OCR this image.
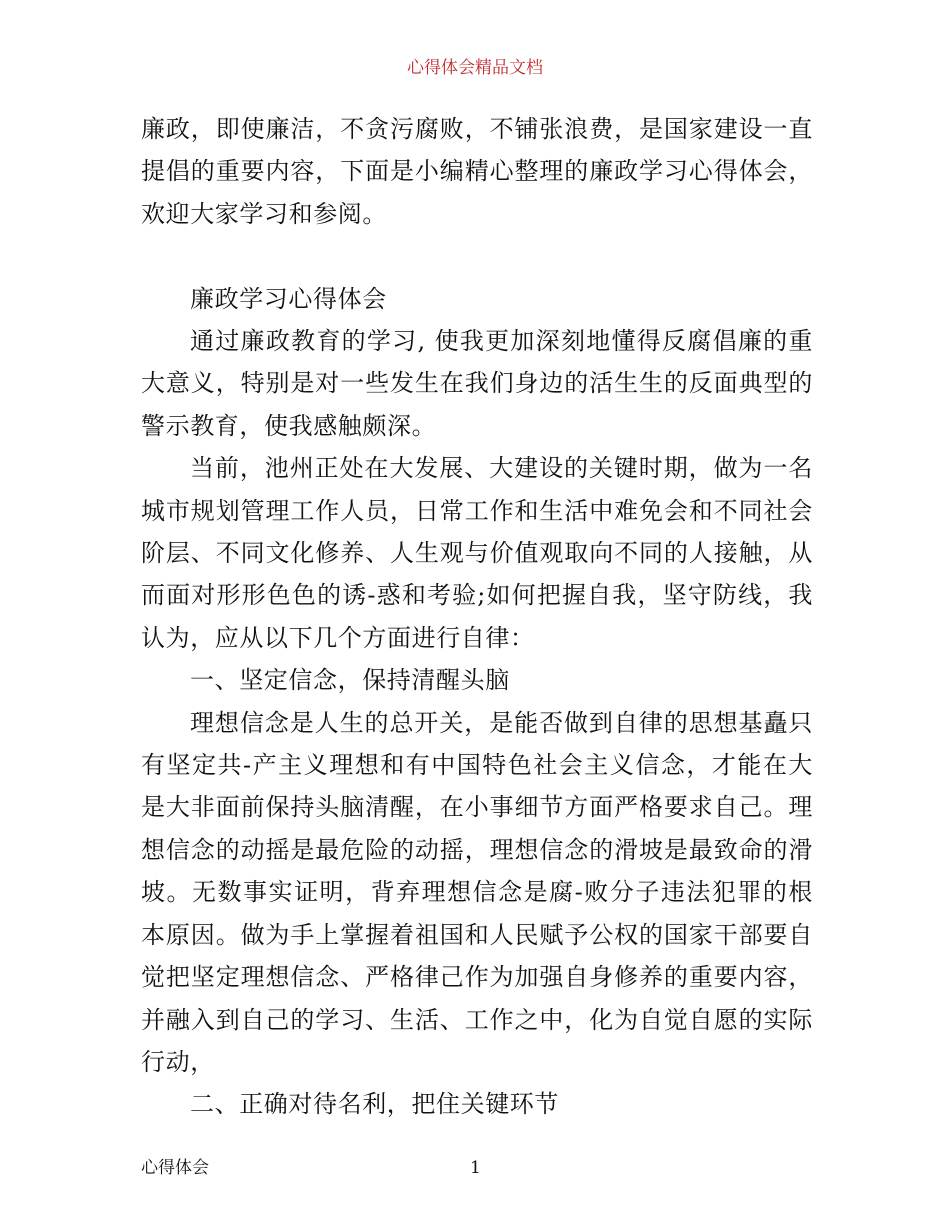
心得体会精品文档

廉政，即使廉洁，不贪污腐败，不铺张浪费，是国家建设一直提倡的重要内容，下面是小编精心整理的廉政学习心得体会，欢迎大家学习和参阅。

廉政学习心得体会

通过廉政教育的学习, 使我更加深刻地懂得反腐倡廉的重大意义，特别是对一些发生在我们身边的活生生的反面典型的警示教育，使我感触颇深。

当前，池州正处在大发展、大建设的关键时期，做为一名城市规划管理工作人员，日常工作和生活中难免会和不同社会阶层、不同文化修养、人生观与价值观取向不同的人接触，从而面对形形色色的诱-惑和考验;如何把握自我，坚守防线，我认为，应从以下几个方面进行自律：

一、坚定信念，保持清醒头脑

理想信念是人生的总开关，是能否做到自律的思想基矗只有坚定共-产主义理想和有中国特色社会主义信念，才能在大是大非面前保持头脑清醒，在小事细节方面严格要求自己。理想信念的动摇是最危险的动摇，理想信念的滑坡是最致命的滑坡。无数事实证明，背弃理想信念是腐-败分子违法犯罪的根本原因。做为手上掌握着祖国和人民赋予公权的国家干部要自觉把坚定理想信念、严格律己作为加强自身修养的重要内容，并融入到自己的学习、生活、工作之中，化为自觉自愿的实际行动，

二、正确对待名利，把住关键环节

心得体会	1
